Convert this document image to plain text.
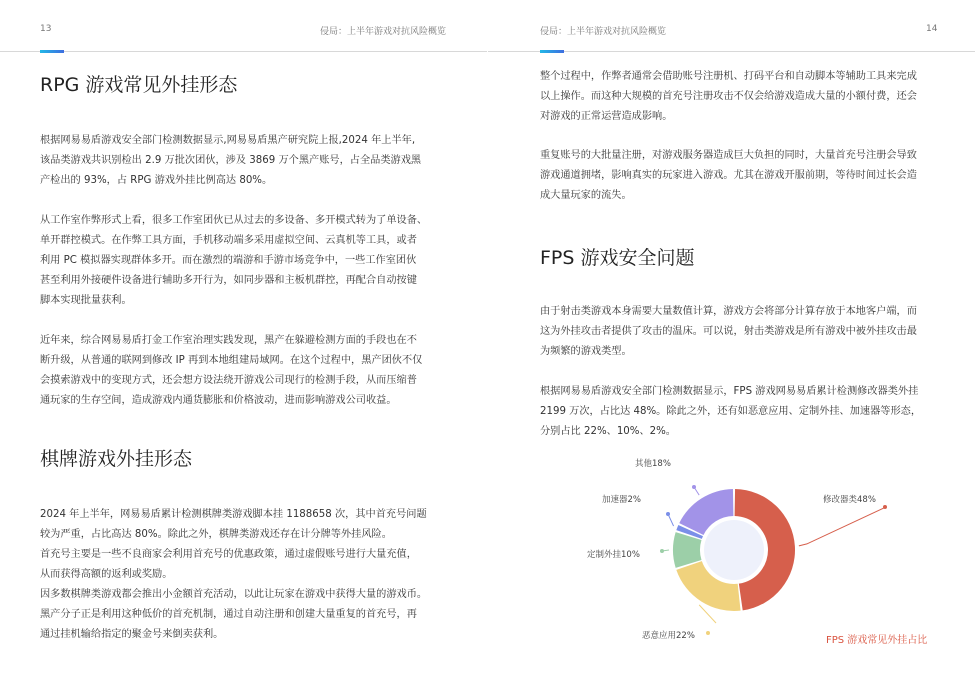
13	侵局：上半年游戏对抗风险概览
RPG 游戏常见外挂形态
根据网易易盾游戏安全部门检测数据显示,网易易盾黑产研究院上报,2024 年上半年,
该品类游戏共识别检出 2.9 万批次团伙，涉及 3869 万个黑产账号，占全品类游戏黑
产检出的 93%，占 RPG 游戏外挂比例高达 80%。
从工作室作弊形式上看，很多工作室团伙已从过去的多设备、多开模式转为了单设备、
单开群控模式。在作弊工具方面，手机移动端多采用虚拟空间、云真机等工具，或者
利用 PC 模拟器实现群体多开。而在激烈的端游和手游市场竞争中，一些工作室团伙
甚至利用外接硬件设备进行辅助多开行为，如同步器和主板机群控，再配合自动按键
脚本实现批量获利。
近年来，综合网易易盾打金工作室治理实践发现，黑产在躲避检测方面的手段也在不
断升级，从普通的联网到修改 IP 再到本地组建局域网。在这个过程中，黑产团伙不仅
会摸索游戏中的变现方式，还会想方设法绕开游戏公司现行的检测手段，从而压缩普
通玩家的生存空间，造成游戏内通货膨胀和价格波动，进而影响游戏公司收益。
棋牌游戏外挂形态
2024 年上半年，网易易盾累计检测棋牌类游戏脚本挂 1188658 次，其中首充号问题
较为严重，占比高达 80%。除此之外，棋牌类游戏还存在计分牌等外挂风险。
首充号主要是一些不良商家会利用首充号的优惠政策，通过虚假账号进行大量充值，
从而获得高额的返利或奖励。
因多数棋牌类游戏都会推出小金额首充活动，以此让玩家在游戏中获得大量的游戏币。
黑产分子正是利用这种低价的首充机制，通过自动注册和创建大量重复的首充号，再
通过挂机输给指定的聚金号来倒卖获利。
侵局：上半年游戏对抗风险概览	14
整个过程中，作弊者通常会借助账号注册机、打码平台和自动脚本等辅助工具来完成
以上操作。而这种大规模的首充号注册攻击不仅会给游戏造成大量的小额付费，还会
对游戏的正常运营造成影响。
重复账号的大批量注册，对游戏服务器造成巨大负担的同时，大量首充号注册会导致
游戏通道拥堵，影响真实的玩家进入游戏。尤其在游戏开服前期，等待时间过长会造
成大量玩家的流失。
FPS 游戏安全问题
由于射击类游戏本身需要大量数值计算，游戏方会将部分计算存放于本地客户端，而
这为外挂攻击者提供了攻击的温床。可以说，射击类游戏是所有游戏中被外挂攻击最
为频繁的游戏类型。
根据网易易盾游戏安全部门检测数据显示，FPS 游戏网易易盾累计检测修改器类外挂
2199 万次，占比达 48%。除此之外，还有如恶意应用、定制外挂、加速器等形态，
分别占比 22%、10%、2%。
其他18%
加速器2%
定制外挂10%
恶意应用22%
修改器类48%
FPS 游戏常见外挂占比
